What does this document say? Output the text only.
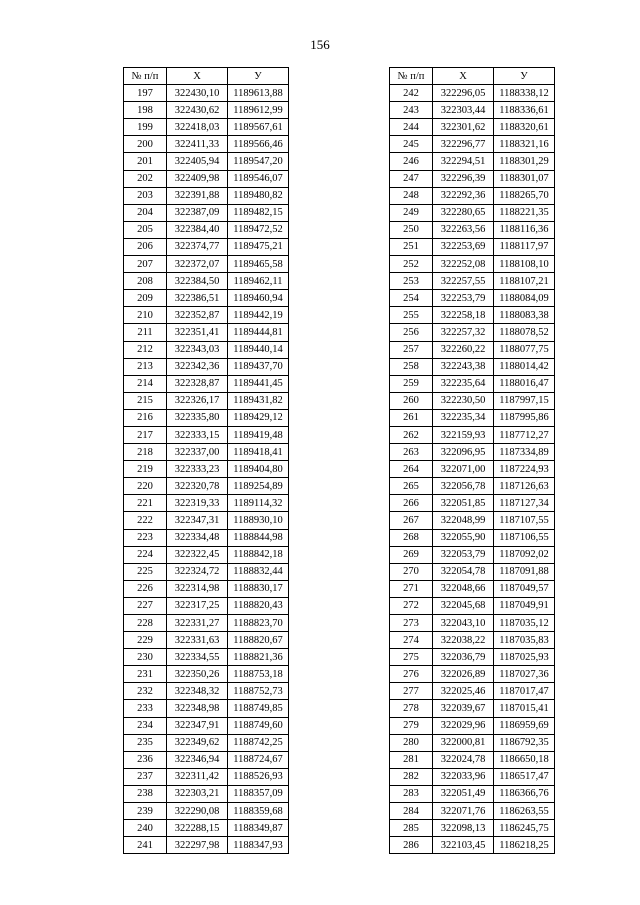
156
№ п/п	X	У
197	322430,10	1189613,88
198	322430,62	1189612,99
199	322418,03	1189567,61
200	322411,33	1189566,46
201	322405,94	1189547,20
202	322409,98	1189546,07
203	322391,88	1189480,82
204	322387,09	1189482,15
205	322384,40	1189472,52
206	322374,77	1189475,21
207	322372,07	1189465,58
208	322384,50	1189462,11
209	322386,51	1189460,94
210	322352,87	1189442,19
211	322351,41	1189444,81
212	322343,03	1189440,14
213	322342,36	1189437,70
214	322328,87	1189441,45
215	322326,17	1189431,82
216	322335,80	1189429,12
217	322333,15	1189419,48
218	322337,00	1189418,41
219	322333,23	1189404,80
220	322320,78	1189254,89
221	322319,33	1189114,32
222	322347,31	1188930,10
223	322334,48	1188844,98
224	322322,45	1188842,18
225	322324,72	1188832,44
226	322314,98	1188830,17
227	322317,25	1188820,43
228	322331,27	1188823,70
229	322331,63	1188820,67
230	322334,55	1188821,36
231	322350,26	1188753,18
232	322348,32	1188752,73
233	322348,98	1188749,85
234	322347,91	1188749,60
235	322349,62	1188742,25
236	322346,94	1188724,67
237	322311,42	1188526,93
238	322303,21	1188357,09
239	322290,08	1188359,68
240	322288,15	1188349,87
241	322297,98	1188347,93
№ п/п	X	У
242	322296,05	1188338,12
243	322303,44	1188336,61
244	322301,62	1188320,61
245	322296,77	1188321,16
246	322294,51	1188301,29
247	322296,39	1188301,07
248	322292,36	1188265,70
249	322280,65	1188221,35
250	322263,56	1188116,36
251	322253,69	1188117,97
252	322252,08	1188108,10
253	322257,55	1188107,21
254	322253,79	1188084,09
255	322258,18	1188083,38
256	322257,32	1188078,52
257	322260,22	1188077,75
258	322243,38	1188014,42
259	322235,64	1188016,47
260	322230,50	1187997,15
261	322235,34	1187995,86
262	322159,93	1187712,27
263	322096,95	1187334,89
264	322071,00	1187224,93
265	322056,78	1187126,63
266	322051,85	1187127,34
267	322048,99	1187107,55
268	322055,90	1187106,55
269	322053,79	1187092,02
270	322054,78	1187091,88
271	322048,66	1187049,57
272	322045,68	1187049,91
273	322043,10	1187035,12
274	322038,22	1187035,83
275	322036,79	1187025,93
276	322026,89	1187027,36
277	322025,46	1187017,47
278	322039,67	1187015,41
279	322029,96	1186959,69
280	322000,81	1186792,35
281	322024,78	1186650,18
282	322033,96	1186517,47
283	322051,49	1186366,76
284	322071,76	1186263,55
285	322098,13	1186245,75
286	322103,45	1186218,25
